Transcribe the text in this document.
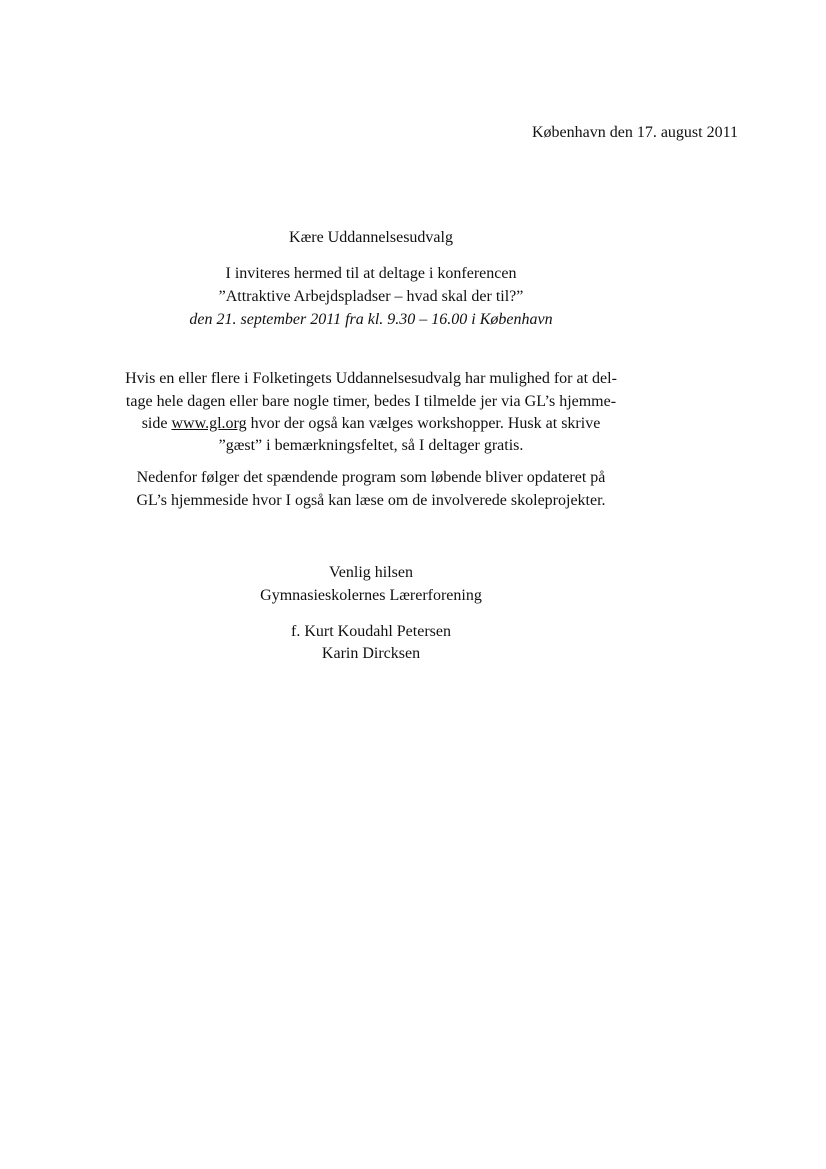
København den 17. august 2011
Kære Uddannelsesudvalg
I inviteres hermed til at deltage i konferencen
”Attraktive Arbejdspladser – hvad skal der til?”
den 21. september 2011 fra kl. 9.30 – 16.00 i København
Hvis en eller flere i Folketingets Uddannelsesudvalg har mulighed for at del-
tage hele dagen eller bare nogle timer, bedes I tilmelde jer via GL’s hjemme-
side www.gl.org hvor der også kan vælges workshopper. Husk at skrive
”gæst” i bemærkningsfeltet, så I deltager gratis.
Nedenfor følger det spændende program som løbende bliver opdateret på
GL’s hjemmeside hvor I også kan læse om de involverede skoleprojekter.
Venlig hilsen
Gymnasieskolernes Lærerforening
f. Kurt Koudahl Petersen
Karin Dircksen
